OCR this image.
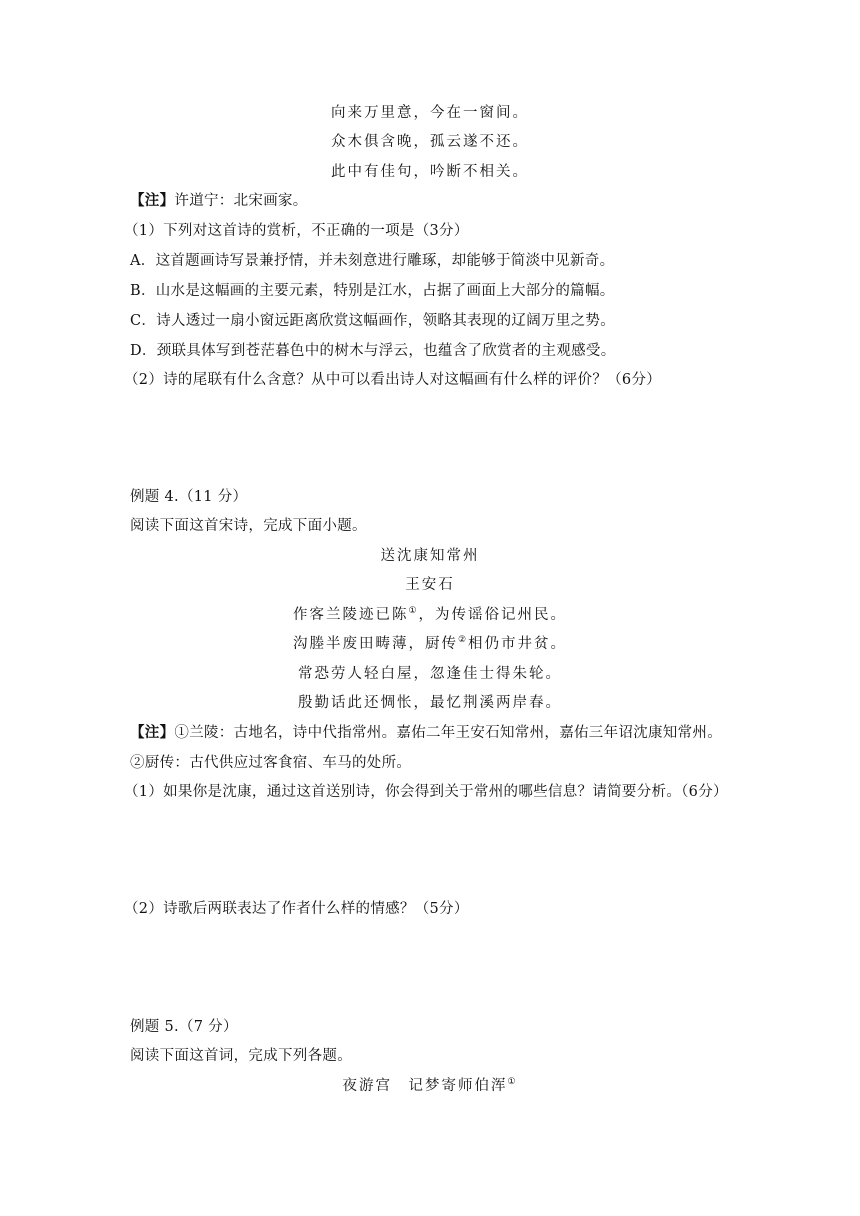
向来万里意，今在一窗间。
众木俱含晚，孤云遂不还。
此中有佳句，吟断不相关。
【注】许道宁：北宋画家。
（1）下列对这首诗的赏析，不正确的一项是（3分）
A．这首题画诗写景兼抒情，并未刻意进行雕琢，却能够于简淡中见新奇。
B．山水是这幅画的主要元素，特别是江水，占据了画面上大部分的篇幅。
C．诗人透过一扇小窗远距离欣赏这幅画作，领略其表现的辽阔万里之势。
D．颈联具体写到苍茫暮色中的树木与浮云，也蕴含了欣赏者的主观感受。
（2）诗的尾联有什么含意？从中可以看出诗人对这幅画有什么样的评价？（6分）
例题 4.（11 分）
阅读下面这首宋诗，完成下面小题。
送沈康知常州
王安石
作客兰陵迹已陈①，为传谣俗记州民。
沟塍半废田畴薄，厨传②相仍市井贫。
常恐劳人轻白屋，忽逢佳士得朱轮。
殷勤话此还惆怅，最忆荆溪两岸春。
【注】①兰陵：古地名，诗中代指常州。嘉佑二年王安石知常州，嘉佑三年诏沈康知常州。
②厨传：古代供应过客食宿、车马的处所。
（1）如果你是沈康，通过这首送别诗，你会得到关于常州的哪些信息？请简要分析。（6分）
（2）诗歌后两联表达了作者什么样的情感？（5分）
例题 5.（7 分）
阅读下面这首词，完成下列各题。
夜游宫　记梦寄师伯浑①
